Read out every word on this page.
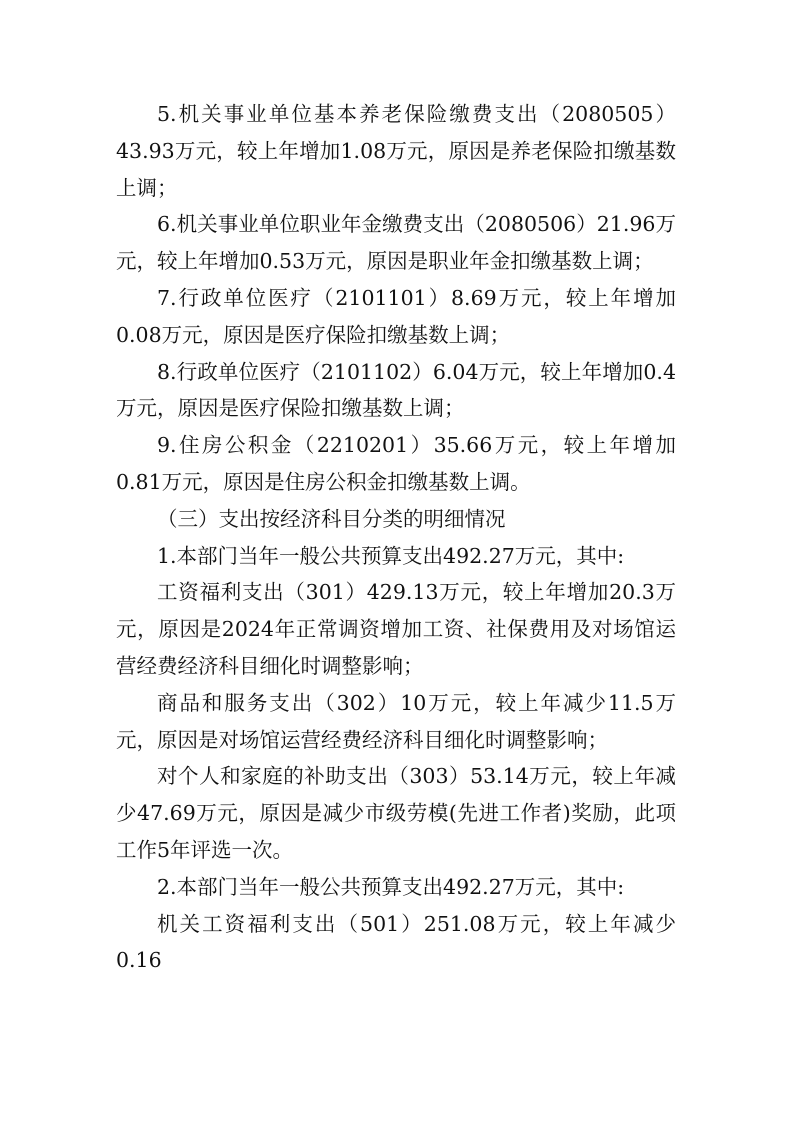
5.机关事业单位基本养老保险缴费支出（2080505）43.93万元，较上年增加1.08万元，原因是养老保险扣缴基数上调；

6.机关事业单位职业年金缴费支出（2080506）21.96万元，较上年增加0.53万元，原因是职业年金扣缴基数上调；

7.行政单位医疗（2101101）8.69万元，较上年增加0.08万元，原因是医疗保险扣缴基数上调；

8.行政单位医疗（2101102）6.04万元，较上年增加0.4万元，原因是医疗保险扣缴基数上调；

9.住房公积金（2210201）35.66万元，较上年增加0.81万元，原因是住房公积金扣缴基数上调。

（三）支出按经济科目分类的明细情况

1.本部门当年一般公共预算支出492.27万元，其中:

工资福利支出（301）429.13万元，较上年增加20.3万元，原因是2024年正常调资增加工资、社保费用及对场馆运营经费经济科目细化时调整影响；

商品和服务支出（302）10万元，较上年减少11.5万元，原因是对场馆运营经费经济科目细化时调整影响；

对个人和家庭的补助支出（303）53.14万元，较上年减少47.69万元，原因是减少市级劳模(先进工作者)奖励，此项工作5年评选一次。

2.本部门当年一般公共预算支出492.27万元，其中:

机关工资福利支出（501）251.08万元，较上年减少0.16
